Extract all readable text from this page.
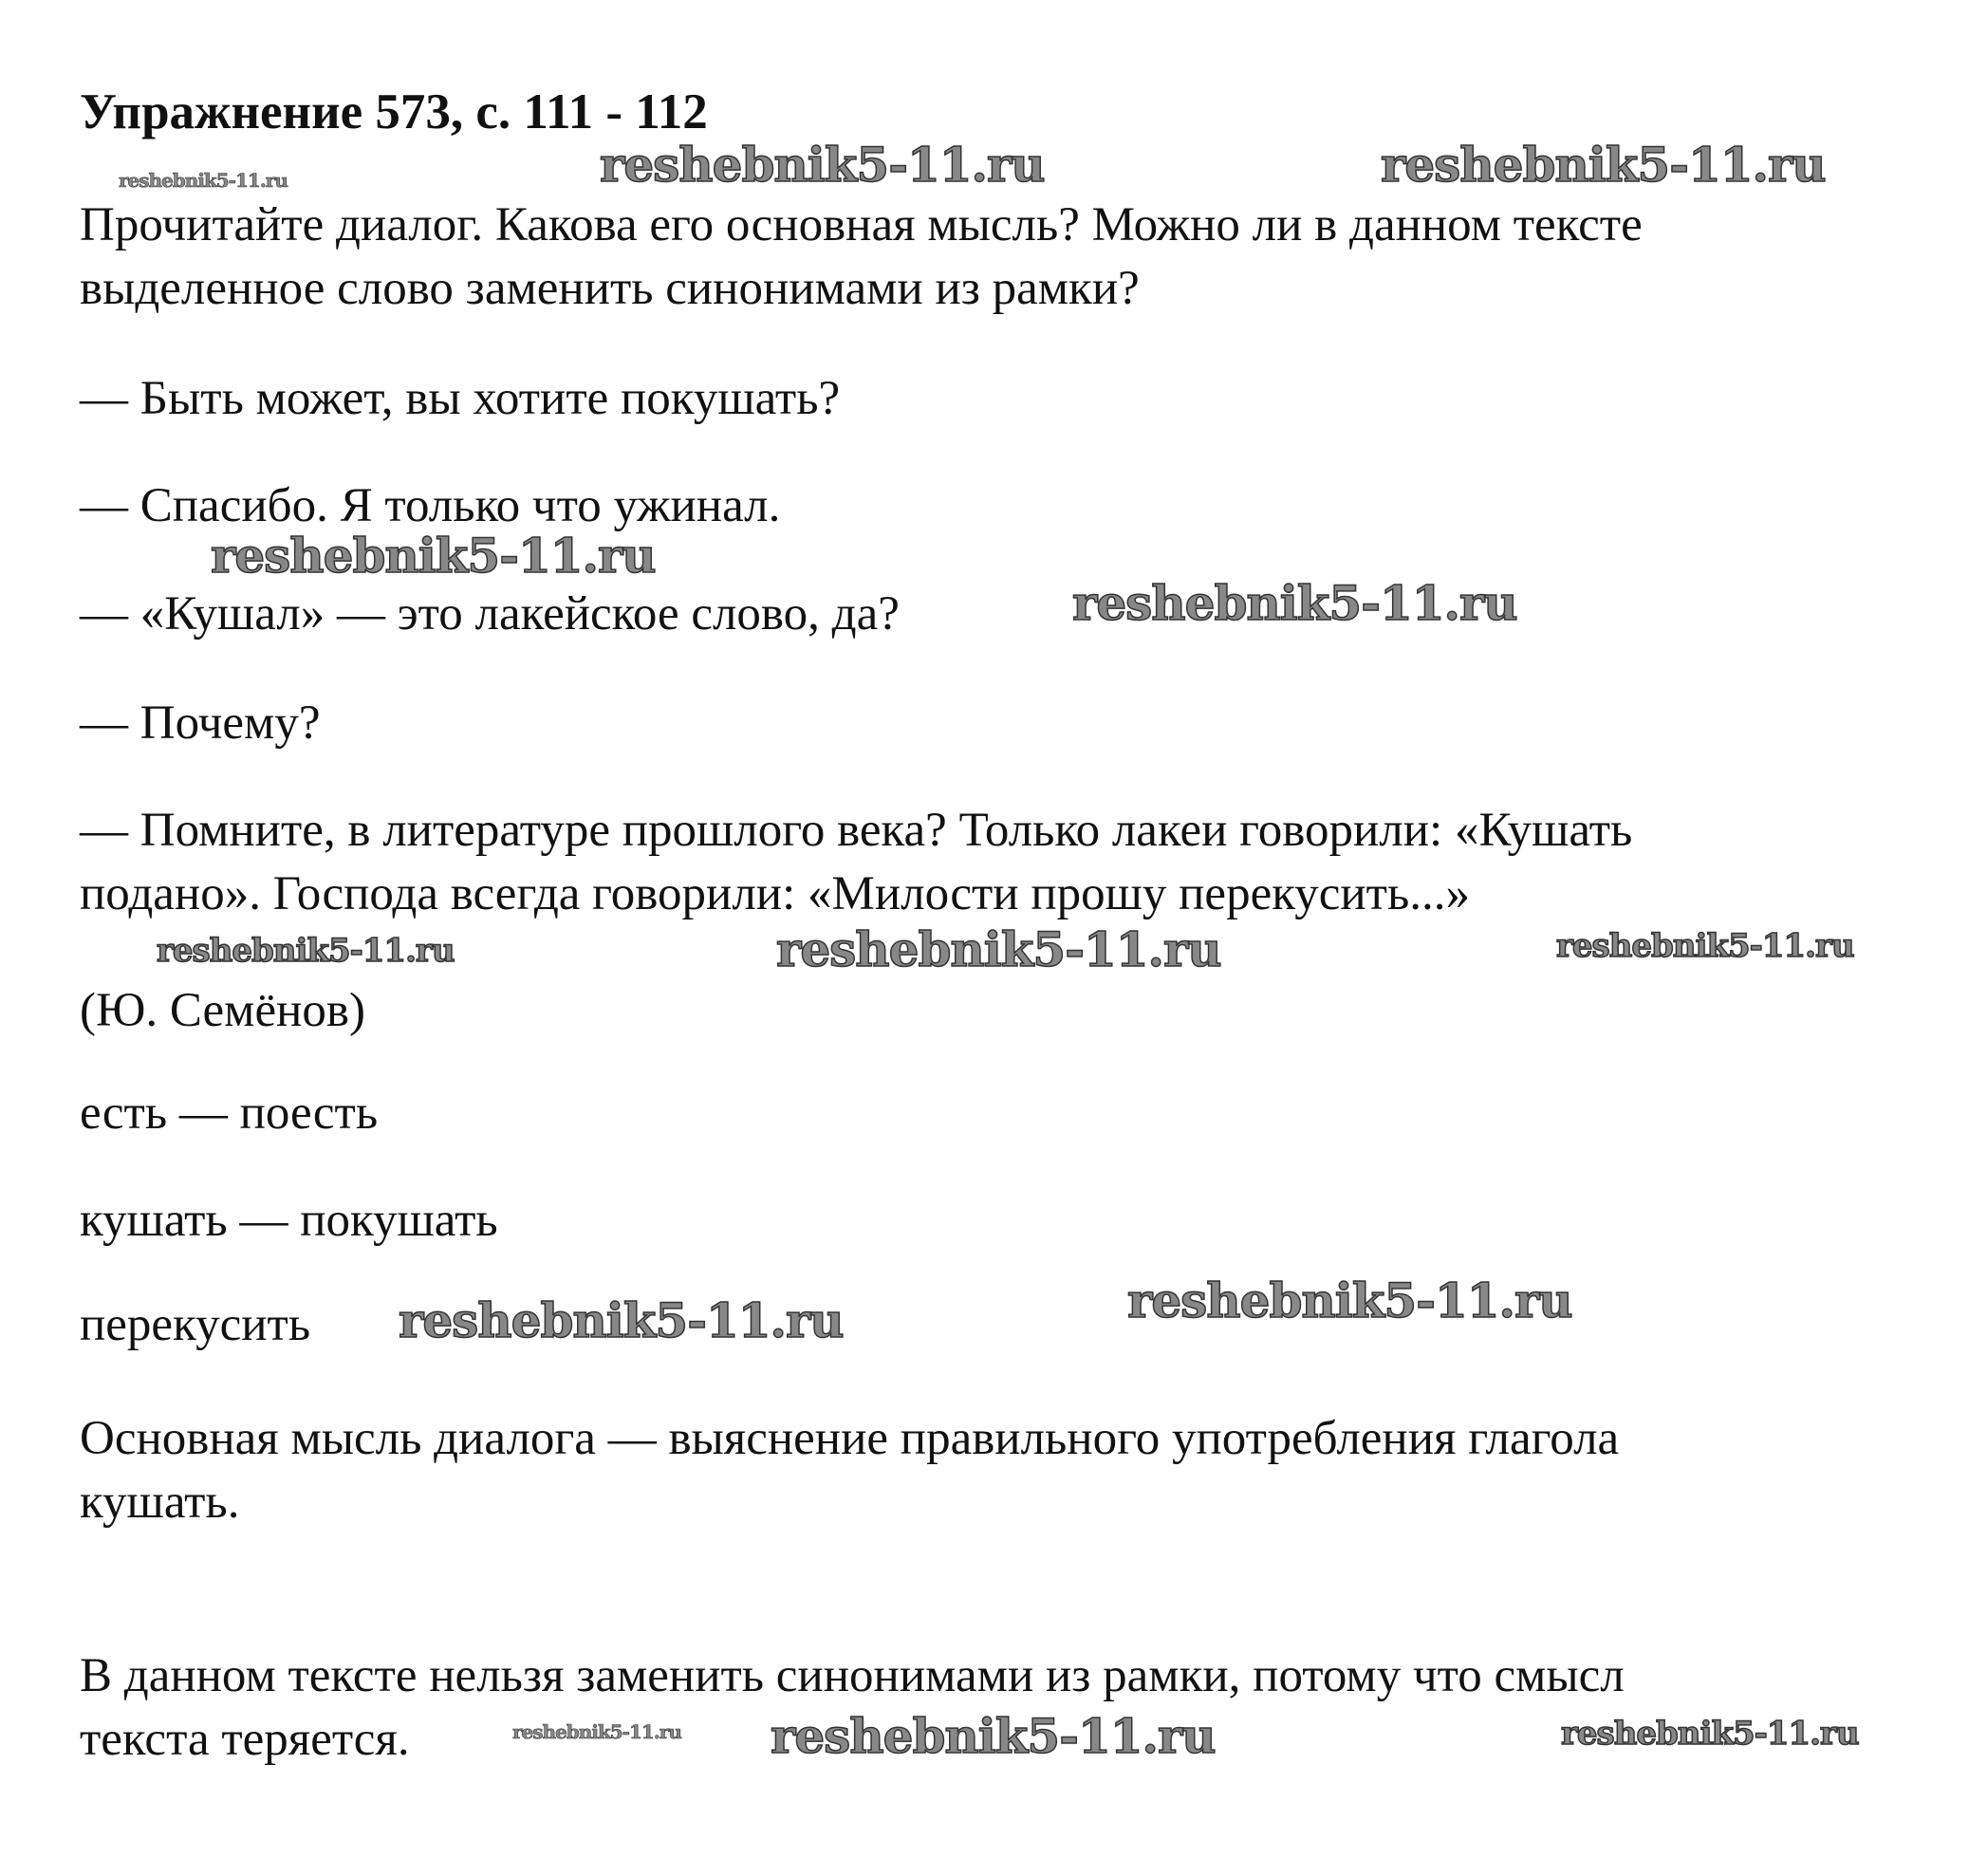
Упражнение 573, с. 111 - 112
reshebnik5-11.ru	reshebnik5-11.ru	reshebnik5-11.ru
Прочитайте диалог. Какова его основная мысль? Можно ли в данном тексте
выделенное слово заменить синонимами из рамки?
— Быть может, вы хотите покушать?
— Спасибо. Я только что ужинал.
reshebnik5-11.ru
— «Кушал» — это лакейское слово, да?	reshebnik5-11.ru
— Почему?
— Помните, в литературе прошлого века? Только лакеи говорили: «Кушать
подано». Господа всегда говорили: «Милости прошу перекусить...»
reshebnik5-11.ru	reshebnik5-11.ru	reshebnik5-11.ru
(Ю. Семёнов)
есть — поесть
кушать — покушать
перекусить reshebnik5-11.ru	reshebnik5-11.ru
Основная мысль диалога — выяснение правильного употребления глагола
кушать.
В данном тексте нельзя заменить синонимами из рамки, потому что смысл
reshebnik5-11.ru
текста теряется.	reshebnik5-11.ru	reshebnik5-11.ru
